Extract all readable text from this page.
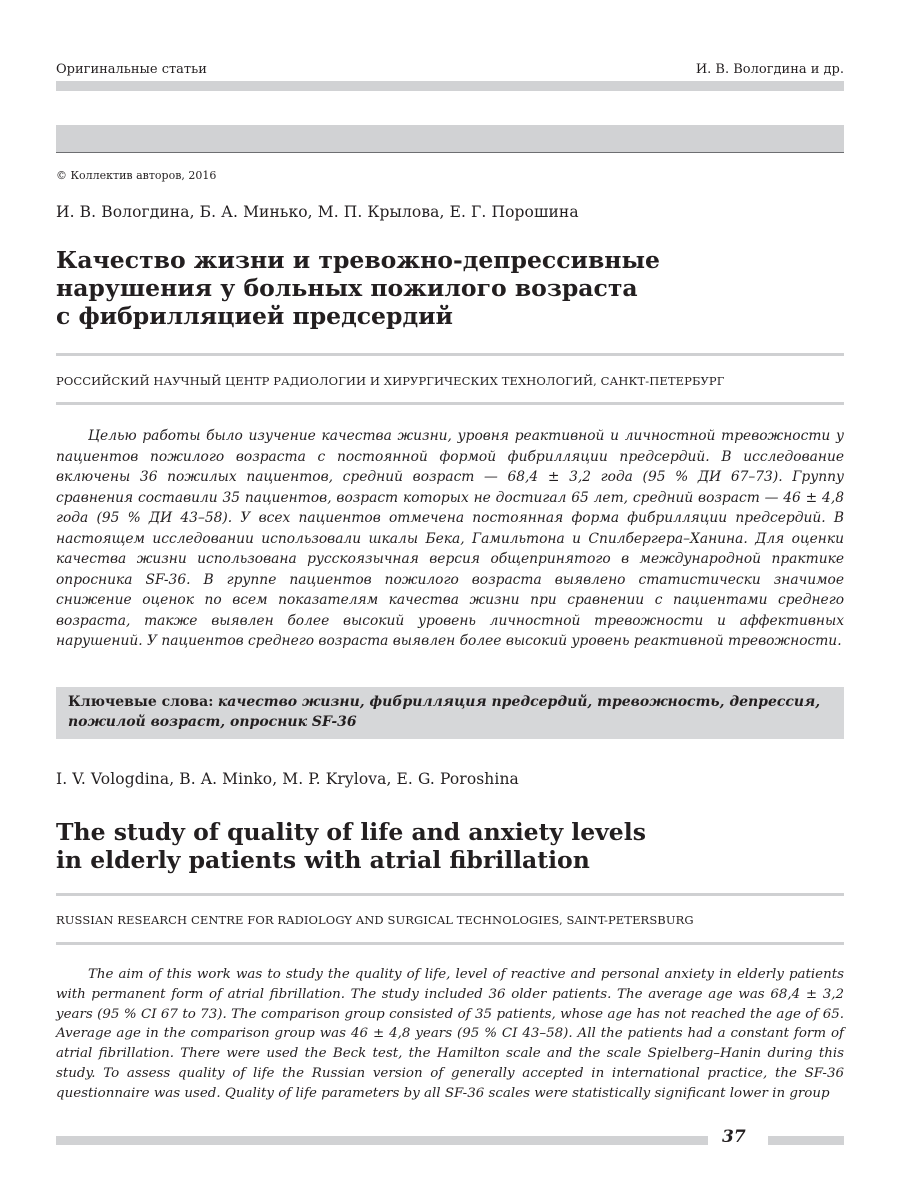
Оригинальные статьи	И. В. Вологдина и др.
© Коллектив авторов, 2016
И. В. Вологдина, Б. А. Минько, М. П. Крылова, Е. Г. Порошина
Качество жизни и тревожно-депрессивные
нарушения у больных пожилого возраста
с фибрилляцией предсердий
РОССИЙСКИЙ НАУЧНЫЙ ЦЕНТР РАДИОЛОГИИ И ХИРУРГИЧЕСКИХ ТЕХНОЛОГИЙ, САНКТ-ПЕТЕРБУРГ

Целью работы было изучение качества жизни, уровня реактивной и личностной тревожности у пациентов пожилого возраста с постоянной формой фибрилляции предсердий. В исследование включены 36 пожилых пациентов, средний возраст — 68,4 ± 3,2 года (95 % ДИ 67–73). Группу сравнения составили 35 пациентов, возраст которых не достигал 65 лет, средний возраст — 46 ± 4,8 года (95 % ДИ 43–58). У всех пациентов отмечена постоянная форма фибрилляции предсердий. В настоящем исследовании использовали шкалы Бека, Гамильтона и Спилбергера–Ханина. Для оценки качества жизни использована русскоязычная версия общепринятого в международной практике опросника SF-36. В группе пациентов пожилого возраста выявлено статистически значимое снижение оценок по всем показателям качества жизни при сравнении с пациентами среднего возраста, также выявлен более высокий уровень личностной тревожности и аффективных нарушений. У пациентов среднего возраста выявлен более высокий уровень реактивной тревожности.

Ключевые слова: качество жизни, фибрилляция предсердий, тревожность, депрессия, пожилой возраст, опросник SF-36

I. V. Vologdina, B. A. Minko, M. P. Krylova, E. G. Poroshina
The study of quality of life and anxiety levels
in elderly patients with atrial fibrillation
RUSSIAN RESEARCH CENTRE FOR RADIOLOGY AND SURGICAL TECHNOLOGIES, SAINT-PETERSBURG

The aim of this work was to study the quality of life, level of reactive and personal anxiety in elderly patients with permanent form of atrial fibrillation. The study included 36 older patients. The average age was 68,4 ± 3,2 years (95 % CI 67 to 73). The comparison group consisted of 35 patients, whose age has not reached the age of 65. Average age in the comparison group was 46 ± 4,8 years (95 % CI 43–58). All the patients had a constant form of atrial fibrillation. There were used the Beck test, the Hamilton scale and the scale Spielberg–Hanin during this study. To assess quality of life the Russian version of generally accepted in international practice, the SF-36 questionnaire was used. Quality of life parameters by all SF-36 scales were statistically significant lower in group

37
